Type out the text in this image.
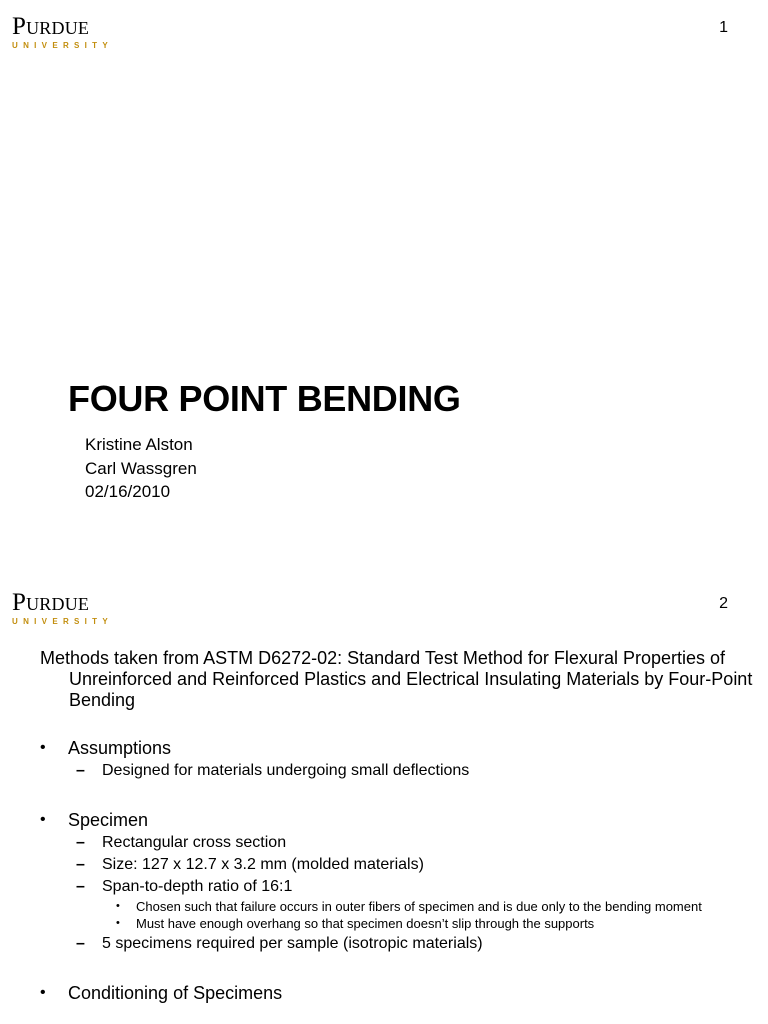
Purdue
UNIVERSITY
1
FOUR POINT BENDING
Kristine Alston
Carl Wassgren
02/16/2010
Purdue
UNIVERSITY
2
Methods taken from ASTM D6272-02: Standard Test Method for Flexural Properties of Unreinforced and Reinforced Plastics and Electrical Insulating Materials by Four-Point Bending
• Assumptions
– Designed for materials undergoing small deflections
• Specimen
– Rectangular cross section
– Size: 127 x 12.7 x 3.2 mm (molded materials)
– Span-to-depth ratio of 16:1
• Chosen such that failure occurs in outer fibers of specimen and is due only to the bending moment
• Must have enough overhang so that specimen doesn’t slip through the supports
– 5 specimens required per sample (isotropic materials)
• Conditioning of Specimens
